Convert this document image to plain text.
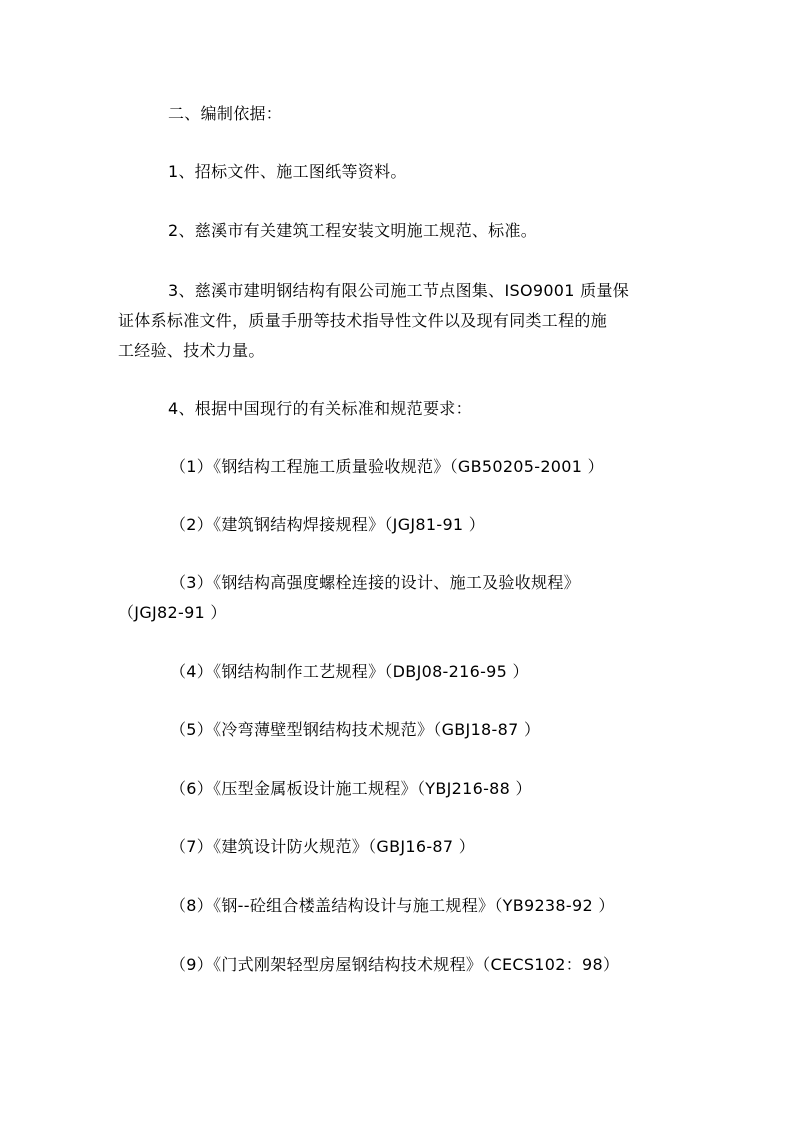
二、编制依据：
1、招标文件、施工图纸等资料。
2、慈溪市有关建筑工程安装文明施工规范、标准。
3、慈溪市建明钢结构有限公司施工节点图集、ISO9001 质量保
证体系标准文件，质量手册等技术指导性文件以及现有同类工程的施
工经验、技术力量。
4、根据中国现行的有关标准和规范要求：
（1）《钢结构工程施工质量验收规范》（GB50205-2001 ）
（2）《建筑钢结构焊接规程》（JGJ81-91 ）
（3）《钢结构高强度螺栓连接的设计、施工及验收规程》
（JGJ82-91 ）
（4）《钢结构制作工艺规程》（DBJ08-216-95 ）
（5）《冷弯薄壁型钢结构技术规范》（GBJ18-87 ）
（6）《压型金属板设计施工规程》（YBJ216-88 ）
（7）《建筑设计防火规范》（GBJ16-87 ）
（8）《钢--砼组合楼盖结构设计与施工规程》（YB9238-92 ）
（9）《门式刚架轻型房屋钢结构技术规程》（CECS102：98）
